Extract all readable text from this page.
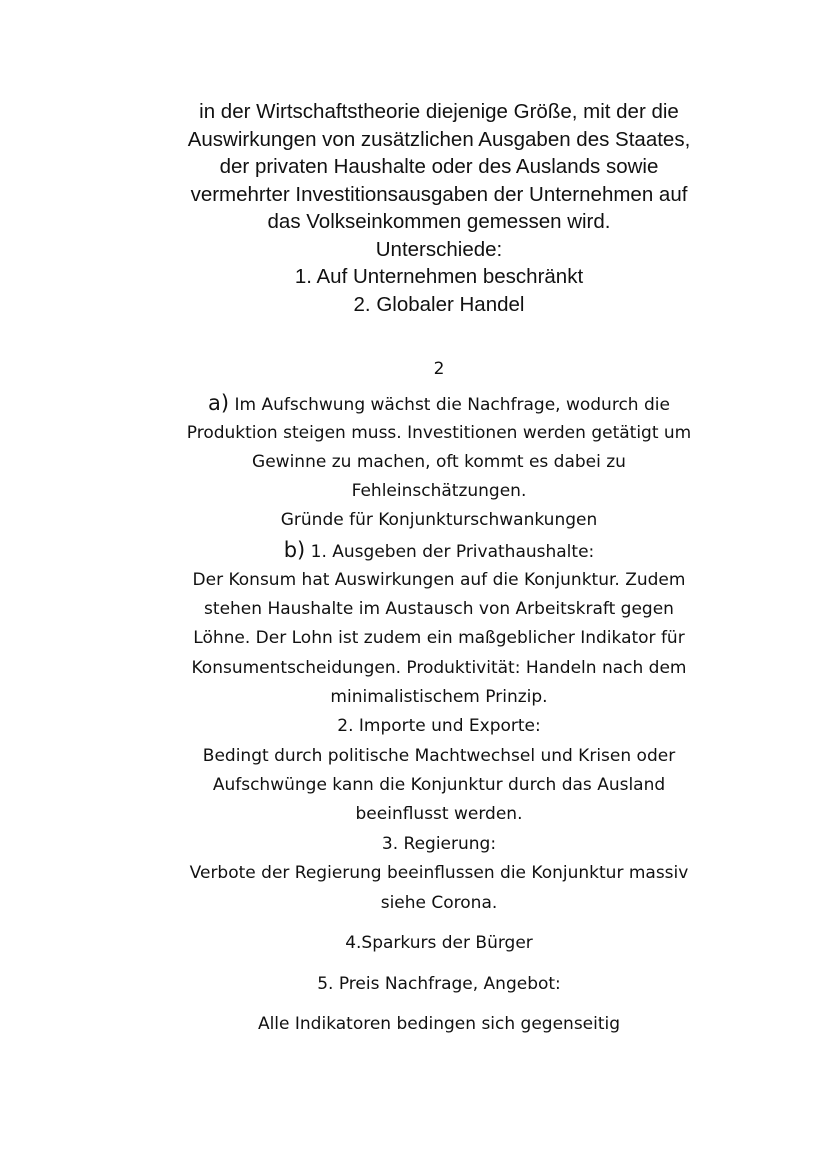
in der Wirtschaftstheorie diejenige Größe, mit der die
Auswirkungen von zusätzlichen Ausgaben des Staates,
der privaten Haushalte oder des Auslands sowie
vermehrter Investitionsausgaben der Unternehmen auf
das Volkseinkommen gemessen wird.
Unterschiede:
1. Auf Unternehmen beschränkt
2. Globaler Handel
2
a) Im Aufschwung wächst die Nachfrage, wodurch die
Produktion steigen muss. Investitionen werden getätigt um
Gewinne zu machen, oft kommt es dabei zu
Fehleinschätzungen.
Gründe für Konjunkturschwankungen
b) 1. Ausgeben der Privathaushalte:
Der Konsum hat Auswirkungen auf die Konjunktur. Zudem
stehen Haushalte im Austausch von Arbeitskraft gegen
Löhne. Der Lohn ist zudem ein maßgeblicher Indikator für
Konsumentscheidungen. Produktivität: Handeln nach dem
minimalistischem Prinzip.
2. Importe und Exporte:
Bedingt durch politische Machtwechsel und Krisen oder
Aufschwünge kann die Konjunktur durch das Ausland
beeinflusst werden.
3. Regierung:
Verbote der Regierung beeinflussen die Konjunktur massiv
siehe Corona.
4.Sparkurs der Bürger
5. Preis Nachfrage, Angebot:
Alle Indikatoren bedingen sich gegenseitig
